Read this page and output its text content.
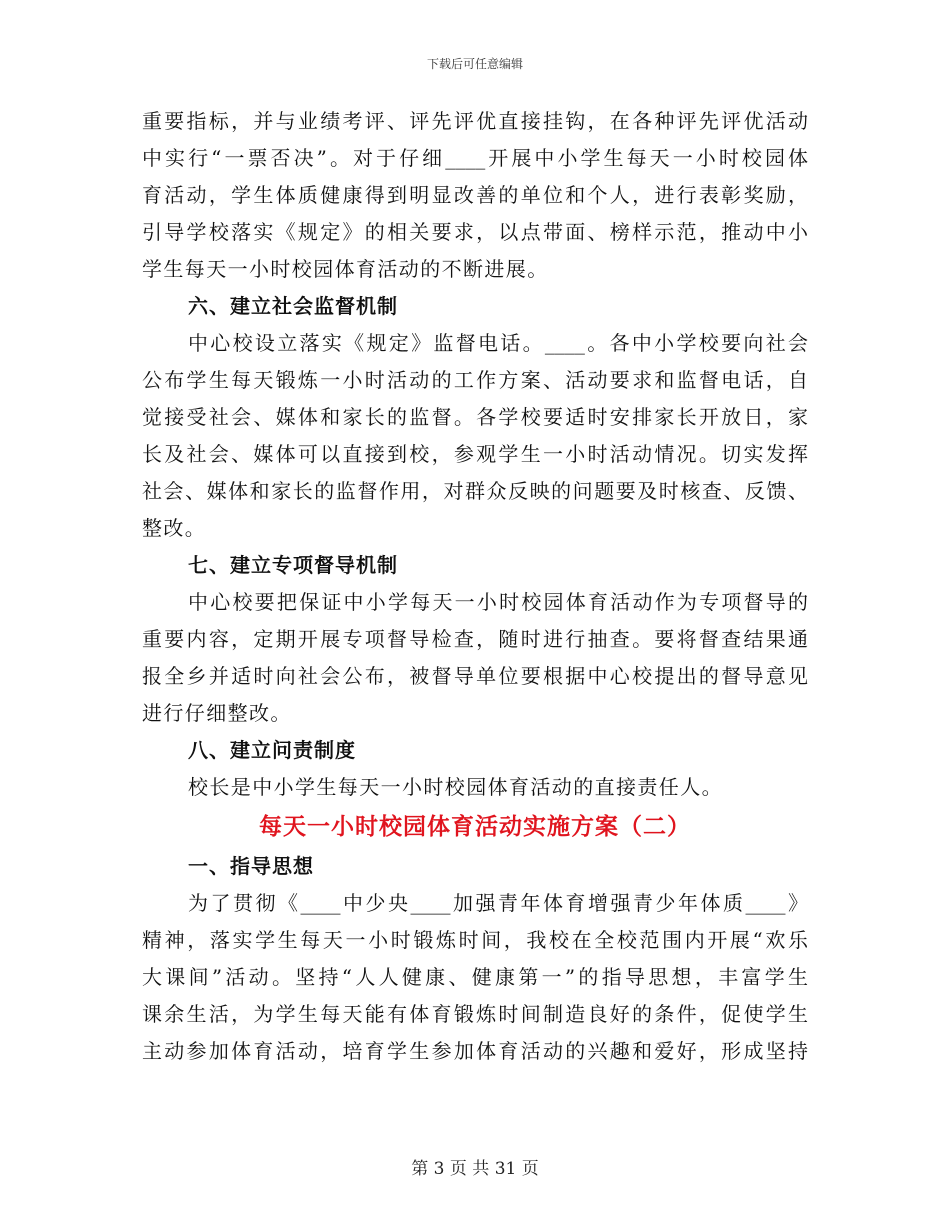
下载后可任意编辑
重要指标，并与业绩考评、评先评优直接挂钩，在各种评先评优活动
中实行“一票否决”。对于仔细____开展中小学生每天一小时校园体
育活动，学生体质健康得到明显改善的单位和个人，进行表彰奖励，
引导学校落实《规定》的相关要求，以点带面、榜样示范，推动中小
学生每天一小时校园体育活动的不断进展。
六、建立社会监督机制
中心校设立落实《规定》监督电话。____。各中小学校要向社会
公布学生每天锻炼一小时活动的工作方案、活动要求和监督电话，自
觉接受社会、媒体和家长的监督。各学校要适时安排家长开放日，家
长及社会、媒体可以直接到校，参观学生一小时活动情况。切实发挥
社会、媒体和家长的监督作用，对群众反映的问题要及时核查、反馈、
整改。
七、建立专项督导机制
中心校要把保证中小学每天一小时校园体育活动作为专项督导的
重要内容，定期开展专项督导检查，随时进行抽查。要将督查结果通
报全乡并适时向社会公布，被督导单位要根据中心校提出的督导意见
进行仔细整改。
八、建立问责制度
校长是中小学生每天一小时校园体育活动的直接责任人。
每天一小时校园体育活动实施方案（二）
一、指导思想
为了贯彻《____中少央____加强青年体育增强青少年体质____》
精神，落实学生每天一小时锻炼时间，我校在全校范围内开展“欢乐
大课间”活动。坚持“人人健康、健康第一”的指导思想，丰富学生
课余生活，为学生每天能有体育锻炼时间制造良好的条件，促使学生
主动参加体育活动，培育学生参加体育活动的兴趣和爱好，形成坚持
第 3 页 共 31 页
